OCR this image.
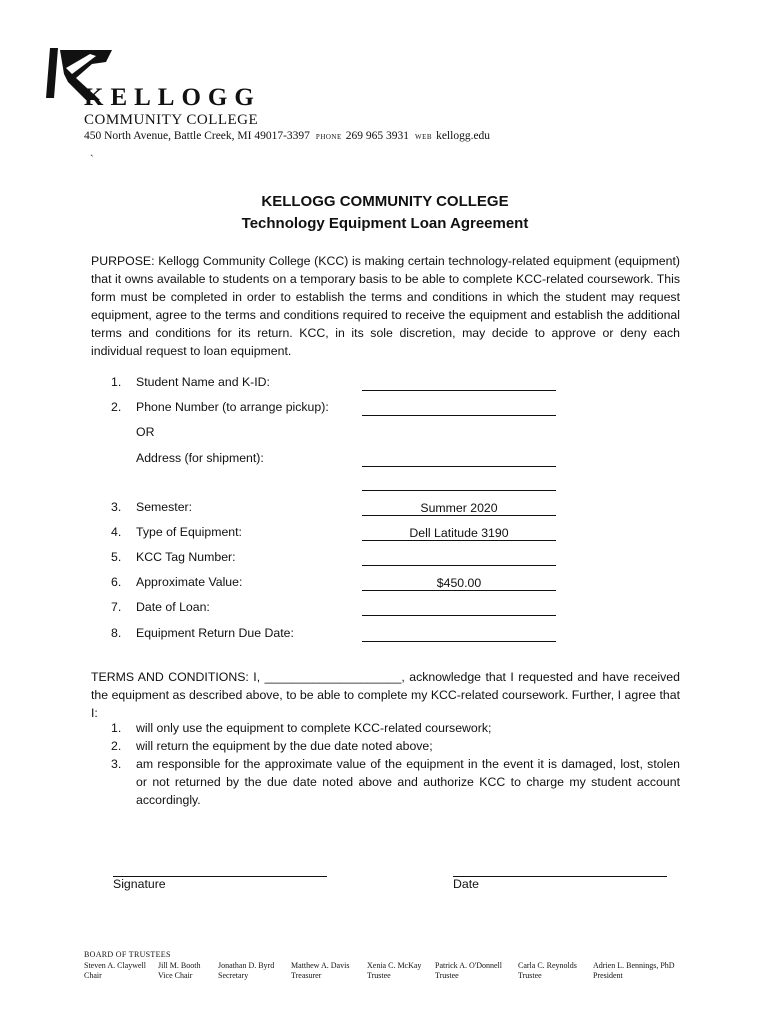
KELLOGG
COMMUNITY COLLEGE
450 North Avenue, Battle Creek, MI 49017-3397 PHONE 269 965 3931 WEB kellogg.edu
`
KELLOGG COMMUNITY COLLEGE
Technology Equipment Loan Agreement
PURPOSE: Kellogg Community College (KCC) is making certain technology-related equipment (equipment) that it owns available to students on a temporary basis to be able to complete KCC-related coursework. This form must be completed in order to establish the terms and conditions in which the student may request equipment, agree to the terms and conditions required to receive the equipment and establish the additional terms and conditions for its return. KCC, in its sole discretion, may decide to approve or deny each individual request to loan equipment.
1. Student Name and K-ID:
2. Phone Number (to arrange pickup):
OR
Address (for shipment):
3. Semester:	Summer 2020
4. Type of Equipment:	Dell Latitude 3190
5. KCC Tag Number:
6. Approximate Value:	$450.00
7. Date of Loan:
8. Equipment Return Due Date:
TERMS AND CONDITIONS: I, ____________________, acknowledge that I requested and have received the equipment as described above, to be able to complete my KCC-related coursework. Further, I agree that I:
1.	will only use the equipment to complete KCC-related coursework;
2.	will return the equipment by the due date noted above;
3.	am responsible for the approximate value of the equipment in the event it is damaged, lost, stolen or not returned by the due date noted above and authorize KCC to charge my student account accordingly.
Signature	Date
BOARD OF TRUSTEES
Steven A. Claywell
Chair
Jill M. Booth
Vice Chair
Jonathan D. Byrd
Secretary
Matthew A. Davis
Treasurer
Xenia C. McKay
Trustee
Patrick A. O'Donnell
Trustee
Carla C. Reynolds
Trustee
Adrien L. Bennings, PhD
President
